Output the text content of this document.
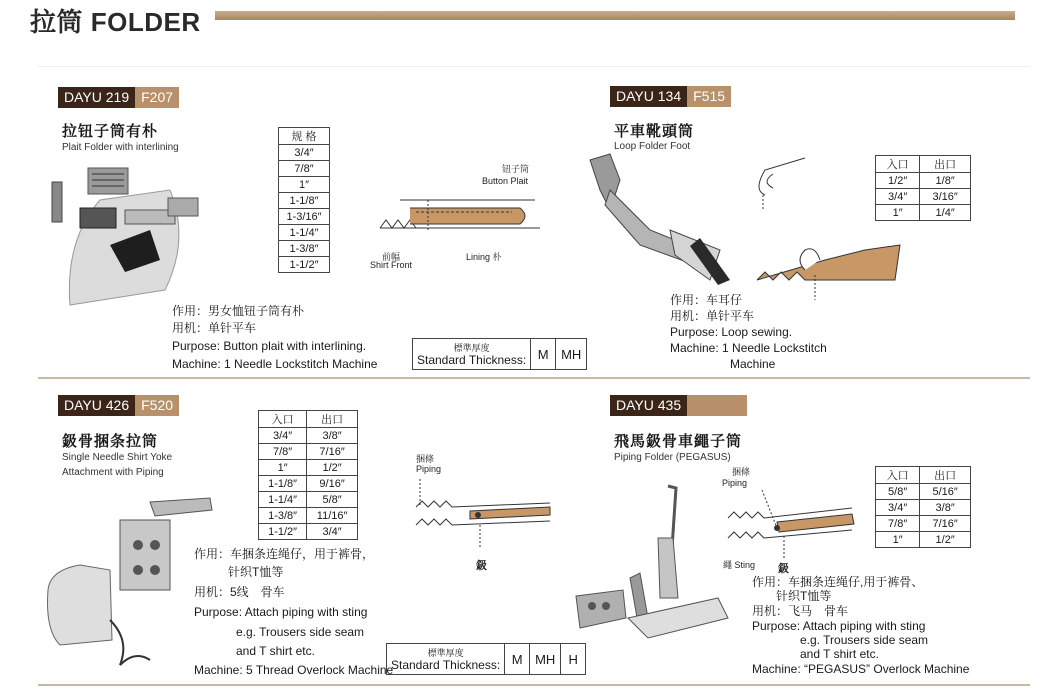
拉筒 FOLDER
DAYU 219 F207
拉钮子筒有朴
Plait Folder with interlining
规 格
3/4″
7/8″
1″
1-1/8″
1-3/16″
1-1/4″
1-3/8″
1-1/2″
钮子筒
Button Plait
前幅
Shirt Front
Lining 朴
作用：男女恤钮子筒有朴
用机：单针平车
Purpose: Button plait with interlining.
Machine: 1 Needle Lockstitch Machine
標準厚度
Standard Thickness: M MH
DAYU 134 F515
平車靴頭筒
Loop Folder Foot
入口	出口
1/2″	1/8″
3/4″	3/16″
1″	1/4″
作用：车耳仔
用机：单针平车
Purpose: Loop sewing.
Machine: 1 Needle Lockstitch
Machine
DAYU 426 F520
鈒骨捆条拉筒
Single Needle Shirt Yoke
Attachment with Piping
入口	出口
3/4″	3/8″
7/8″	7/16″
1″	1/2″
1-1/8″	9/16″
1-1/4″	5/8″
1-3/8″	11/16″
1-1/2″	3/4″
捆條
Piping
鈒
作用：车捆条连绳仔，用于裤骨，
针织T恤等
用机：5线　骨车
Purpose: Attach piping with sting
e.g. Trousers side seam
and T shirt etc.
Machine: 5 Thread Overlock Machine
標準厚度
Standard Thickness: M MH	H
DAYU 435
飛馬鈒骨車繩子筒
Piping Folder (PEGASUS)
捆條
Piping
繩 Sting 鈒
入口	出口
5/8″	5/16″
3/4″	3/8″
7/8″	7/16″
1″	1/2″
作用：车捆条连绳仔,用于裤骨、
针织T恤等
用机：飞马　骨车
Purpose: Attach piping with sting
e.g. Trousers side seam
and T shirt etc.
Machine: “PEGASUS” Overlock Machine
